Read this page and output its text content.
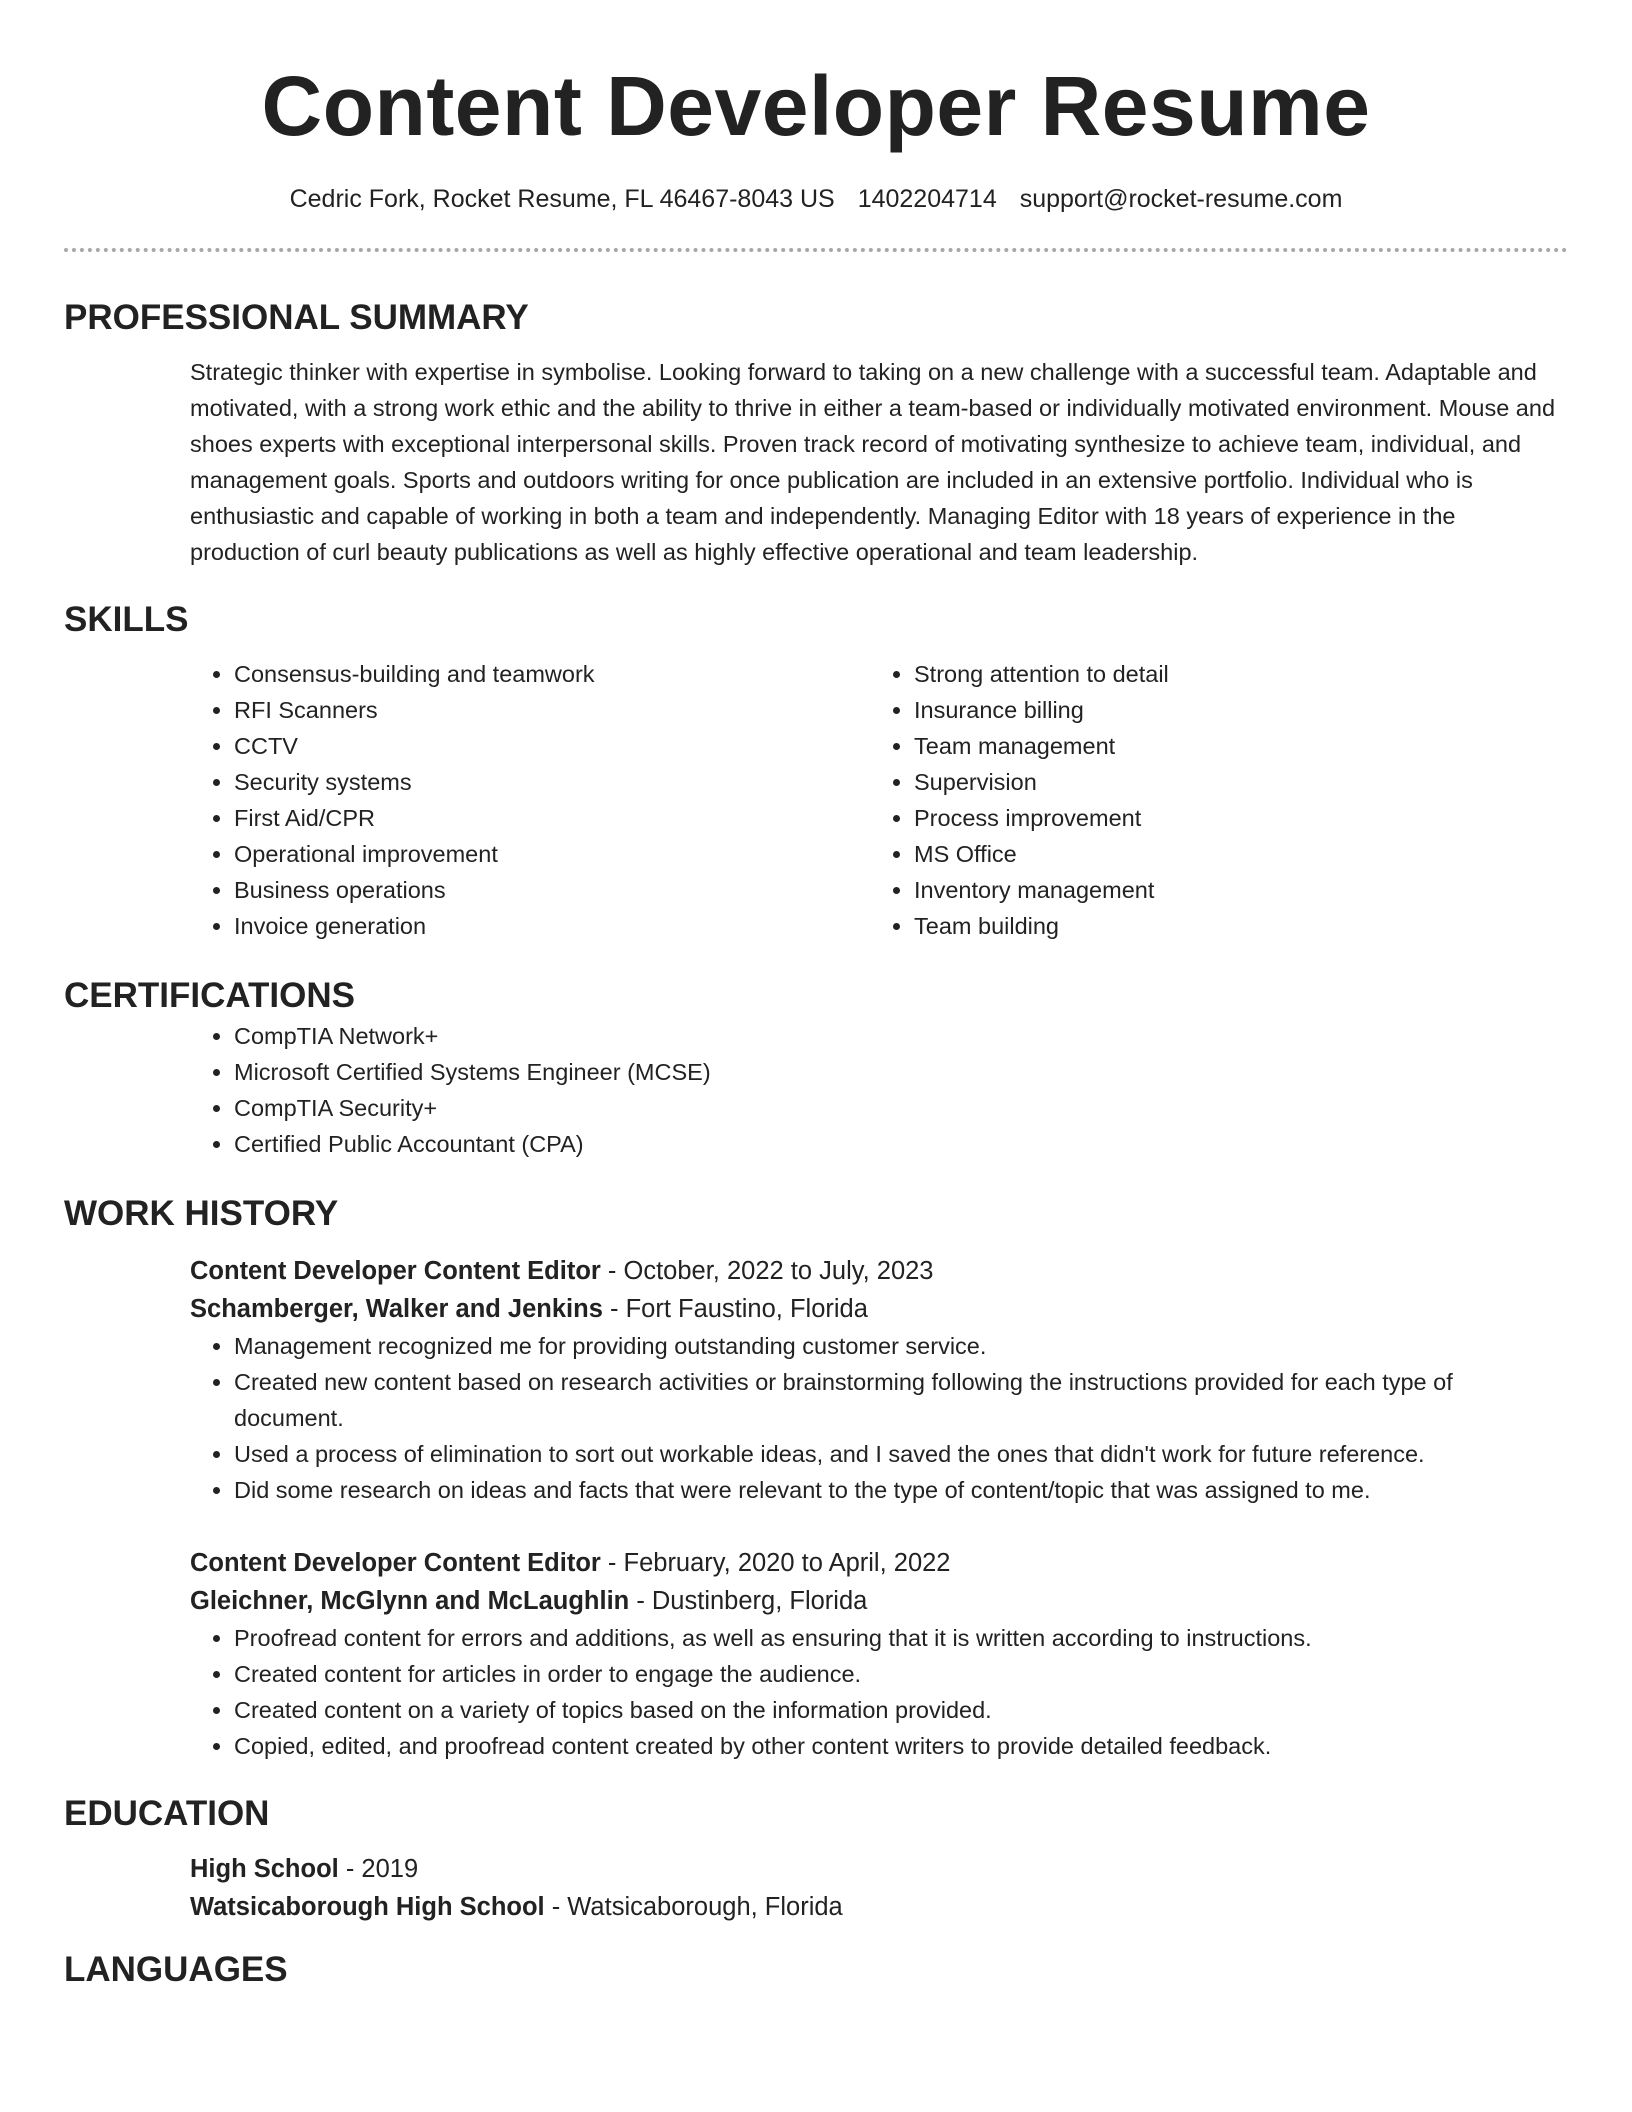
Content Developer Resume
Cedric Fork, Rocket Resume, FL 46467-8043 US 1402204714 support@rocket-resume.com
PROFESSIONAL SUMMARY

Strategic thinker with expertise in symbolise. Looking forward to taking on a new challenge with a successful team. Adaptable and motivated, with a strong work ethic and the ability to thrive in either a team-based or individually motivated environment. Mouse and shoes experts with exceptional interpersonal skills. Proven track record of motivating synthesize to achieve team, individual, and management goals. Sports and outdoors writing for once publication are included in an extensive portfolio. Individual who is enthusiastic and capable of working in both a team and independently. Managing Editor with 18 years of experience in the production of curl beauty publications as well as highly effective operational and team leadership.

SKILLS
• Consensus-building and teamwork
• RFI Scanners
• CCTV
• Security systems
• First Aid/CPR
• Operational improvement
• Business operations
• Invoice generation
• Strong attention to detail
• Insurance billing
• Team management
• Supervision
• Process improvement
• MS Office
• Inventory management
• Team building
CERTIFICATIONS
• CompTIA Network+
• Microsoft Certified Systems Engineer (MCSE)
• CompTIA Security+
• Certified Public Accountant (CPA)
WORK HISTORY
Content Developer Content Editor - October, 2022 to July, 2023
Schamberger, Walker and Jenkins - Fort Faustino, Florida
• Management recognized me for providing outstanding customer service.
• Created new content based on research activities or brainstorming following the instructions provided for each type of document.
• Used a process of elimination to sort out workable ideas, and I saved the ones that didn't work for future reference.
• Did some research on ideas and facts that were relevant to the type of content/topic that was assigned to me.
Content Developer Content Editor - February, 2020 to April, 2022
Gleichner, McGlynn and McLaughlin - Dustinberg, Florida
• Proofread content for errors and additions, as well as ensuring that it is written according to instructions.
• Created content for articles in order to engage the audience.
• Created content on a variety of topics based on the information provided.
• Copied, edited, and proofread content created by other content writers to provide detailed feedback.
EDUCATION
High School - 2019
Watsicaborough High School - Watsicaborough, Florida
LANGUAGES
